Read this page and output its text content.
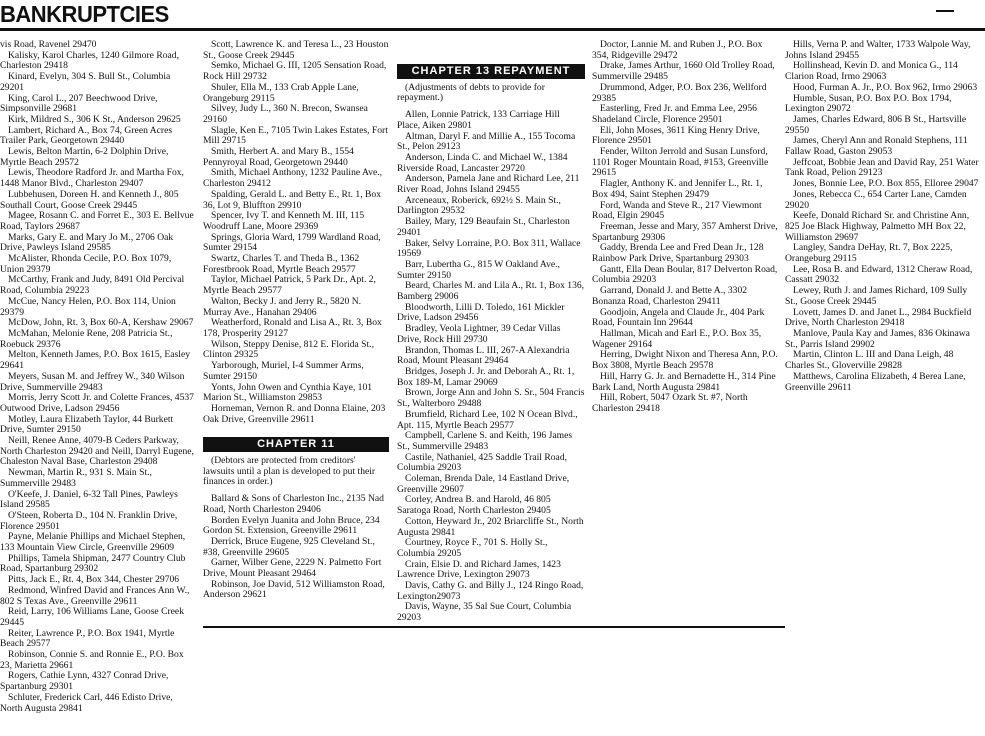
BANKRUPTCIES

vis Road, Ravenel 29470

Kalisky, Karol Charles, 1240 Gilmore Road, Charleston 29418

Kinard, Evelyn, 304 S. Bull St., Columbia 29201

King, Carol L., 207 Beechwood Drive, Simpsonville 29681

Kirk, Mildred S., 306 K St., Anderson 29625

Lambert, Richard A., Box 74, Green Acres Trailer Park, Georgetown 29440

Lewis, Belton Martin, 6-2 Dolphin Drive, Myrtle Beach 29572

Lewis, Theodore Radford Jr. and Martha Fox, 1448 Manor Blvd., Charleston 29407

Lubbehusen, Doreen H. and Kenneth J., 805 Southall Court, Goose Creek 29445

Magee, Rosann C. and Forret E., 303 E. Bellvue Road, Taylors 29687

Marks, Gary E. and Mary Jo M., 2706 Oak Drive, Pawleys Island 29585

McAlister, Rhonda Cecile, P.O. Box 1079, Union 29379

McCarthy, Frank and Judy, 8491 Old Percival Road, Columbia 29223

McCue, Nancy Helen, P.O. Box 114, Union 29379

McDow, John, Rt. 3, Box 60-A, Kershaw 29067

McMahan, Melonie Rene, 208 Patricia St., Roebuck 29376

Melton, Kenneth James, P.O. Box 1615, Easley 29641

Meyers, Susan M. and Jeffrey W., 340 Wilson Drive, Summerville 29483

Morris, Jerry Scott Jr. and Colette Frances, 4537 Outwood Drive, Ladson 29456

Motley, Laura Elizabeth Taylor, 44 Burkett Drive, Sumter 29150

Neill, Renee Anne, 4079-B Ceders Parkway, North Charleston 29420 and Neill, Darryl Eugene, Chaleston Naval Base, Charleston 29408

Newman, Martin R., 931 S. Main St., Summerville 29483

O'Keefe, J. Daniel, 6-32 Tall Pines, Pawleys Island 29585

O'Steen, Roberta D., 104 N. Franklin Drive, Florence 29501

Payne, Melanie Phillips and Michael Stephen, 133 Mountain View Circle, Greenville 29609

Phillips, Tamela Shipman, 2477 Country Club Road, Spartanburg 29302

Pitts, Jack E., Rt. 4, Box 344, Chester 29706

Redmond, Winfred David and Frances Ann W., 802 S Texas Ave., Greenville 29611

Reid, Larry, 106 Williams Lane, Goose Creek 29445

Reiter, Lawrence P., P.O. Box 1941, Myrtle Beach 29577

Robinson, Connie S. and Ronnie E., P.O. Box 23, Marietta 29661

Rogers, Cathie Lynn, 4327 Conrad Drive, Spartanburg 29301

Schluter, Frederick Carl, 446 Edisto Drive, North Augusta 29841

Scott, Lawrence K. and Teresa L., 23 Houston St., Goose Creek 29445

Semko, Michael G. III, 1205 Sensation Road, Rock Hill 29732

Shuler, Ella M., 133 Crab Apple Lane, Orangeburg 29115

Silvey, Judy L., 360 N. Brecon, Swansea 29160

Slagle, Ken E., 7105 Twin Lakes Estates, Fort Mill 29715

Smith, Herbert A. and Mary B., 1554 Pennyroyal Road, Georgetown 29440

Smith, Michael Anthony, 1232 Pauline Ave., Charleston 29412

Spalding, Gerald L. and Betty E., Rt. 1, Box 36, Lot 9, Bluffton 29910

Spencer, Ivy T. and Kenneth M. III, 115 Woodruff Lane, Moore 29369

Springs, Gloria Ward, 1799 Wardland Road, Sumter 29154

Swartz, Charles T. and Theda B., 1362 Forestbrook Road, Myrtle Beach 29577

Taylor, Michael Patrick, 5 Park Dr., Apt. 2, Myrtle Beach 29577

Walton, Becky J. and Jerry R., 5820 N. Murray Ave., Hanahan 29406

Weatherford, Ronald and Lisa A., Rt. 3, Box 178, Prosperity 29127

Wilson, Steppy Denise, 812 E. Florida St., Clinton 29325

Yarborough, Muriel, I-4 Summer Arms, Sumter 29150

Yonts, John Owen and Cynthia Kaye, 101 Marion St., Williamston 29853

Horneman, Vernon R. and Donna Elaine, 203 Oak Drive, Greenville 29611

CHAPTER 11

(Debtors are protected from creditors' lawsuits until a plan is developed to put their finances in order.)

Ballard & Sons of Charleston Inc., 2135 Nad Road, North Charleston 29406

Borden Evelyn Juanita and John Bruce, 234 Gordon St. Extension, Greenville 29611

Derrick, Bruce Eugene, 925 Cleveland St., #38, Greenville 29605

Garner, Wilber Gene, 2229 N. Palmetto Fort Drive, Mount Pleasant 29464

Robinson, Joe David, 512 Williamston Road, Anderson 29621

CHAPTER 13 REPAYMENT

(Adjustments of debts to provide for repayment.)

Allen, Lonnie Patrick, 133 Carriage Hill Place, Aiken 29801

Altman, Daryl F. and Millie A., 155 Tocoma St., Pelon 29123

Anderson, Linda C. and Michael W., 1384 Riverside Road, Lancaster 29720

Anderson, Pamela Jane and Richard Lee, 211 River Road, Johns Island 29455

Arceneaux, Roberick, 692½ S. Main St., Darlington 29532

Bailey, Mary, 129 Beaufain St., Charleston 29401

Baker, Selvy Lorraine, P.O. Box 311, Wallace 19569

Barr, Lubertha G., 815 W Oakland Ave., Sumter 29150

Beard, Charles M. and Lila A., Rt. 1, Box 136, Bamberg 29006

Bloodworth, Lilli D. Toledo, 161 Mickler Drive, Ladson 29456

Bradley, Veola Lightner, 39 Cedar Villas Drive, Rock Hill 29730

Brandon, Thomas L. III, 267-A Alexandria Road, Mount Pleasant 29464

Bridges, Joseph J. Jr. and Deborah A., Rt. 1, Box 189-M, Lamar 29069

Brown, Jorge Ann and John S. Sr., 504 Francis St., Walterboro 29488

Brumfield, Richard Lee, 102 N Ocean Blvd., Apt. 115, Myrtle Beach 29577

Campbell, Carlene S. and Keith, 196 James St., Summerville 29483

Castile, Nathaniel, 425 Saddle Trail Road, Columbia 29203

Coleman, Brenda Dale, 14 Eastland Drive, Greenville 29607

Corley, Andrea B. and Harold, 46 805 Saratoga Road, North Charleston 29405

Cotton, Heyward Jr., 202 Briarcliffe St., North Augusta 29841

Courtney, Royce F., 701 S. Holly St., Columbia 29205

Crain, Elsie D. and Richard James, 1423 Lawrence Drive, Lexington 29073

Davis, Cathy G. and Billy J., 124 Ringo Road, Lexington29073

Davis, Wayne, 35 Sal Sue Court, Columbia 29203

Doctor, Lannie M. and Ruben J., P.O. Box 354, Ridgeville 29472

Drake, James Arthur, 1660 Old Trolley Road, Summerville 29485

Drummond, Adger, P.O. Box 236, Wellford 29385

Easterling, Fred Jr. and Emma Lee, 2956 Shadeland Circle, Florence 29501

Eli, John Moses, 3611 King Henry Drive, Florence 29501

Fender, Wilton Jerrold and Susan Lunsford, 1101 Roger Mountain Road, #153, Greenville 29615

Flagler, Anthony K. and Jennifer L., Rt. 1, Box 494, Saint Stephen 29479

Ford, Wanda and Steve R., 217 Viewmont Road, Elgin 29045

Freeman, Jesse and Mary, 357 Amherst Drive, Spartanburg 29306

Gaddy, Brenda Lee and Fred Dean Jr., 128 Rainbow Park Drive, Spartanburg 29303

Gantt, Ella Dean Boular, 817 Delverton Road, Columbia 29203

Garrand, Donald J. and Bette A., 3302 Bonanza Road, Charleston 29411

Goodjoin, Angela and Claude Jr., 404 Park Road, Fountain Inn 29644

Hallman, Micah and Earl E., P.O. Box 35, Wagener 29164

Herring, Dwight Nixon and Theresa Ann, P.O. Box 3808, Myrtle Beach 29578

Hill, Harry G. Jr. and Bernadette H., 314 Pine Bark Land, North Augusta 29841

Hill, Robert, 5047 Ozark St. #7, North Charleston 29418

Hills, Verna P. and Walter, 1733 Walpole Way, Johns Island 29455

Hollinshead, Kevin D. and Monica G., 114 Clarion Road, Irmo 29063

Hood, Furman A. Jr., P.O. Box 962, Irmo 29063

Humble, Susan, P.O. Box P.O. Box 1794, Lexington 29072

James, Charles Edward, 806 B St., Hartsville 29550

James, Cheryl Ann and Ronald Stephens, 111 Fallaw Road, Gaston 29053

Jeffcoat, Bobbie Jean and David Ray, 251 Water Tank Road, Pelion 29123

Jones, Bonnie Lee, P.O. Box 855, Elloree 29047

Jones, Rebecca C., 654 Carter Lane, Camden 29020

Keefe, Donald Richard Sr. and Christine Ann, 825 Joe Black Highway, Palmetto MH Box 22, Williamston 29697

Langley, Sandra DeHay, Rt. 7, Box 2225, Orangeburg 29115

Lee, Rosa B. and Edward, 1312 Cheraw Road, Cassatt 29032

Lewey, Ruth J. and James Richard, 109 Sully St., Goose Creek 29445

Lovett, James D. and Janet L., 2984 Buckfield Drive, North Charleston 29418

Manlove, Paula Kay and James, 836 Okinawa St., Parris Island 29902

Martin, Clinton L. III and Dana Leigh, 48 Charles St., Gloverville 29828

Matthews, Carolina Elizabeth, 4 Berea Lane, Greenville 29611
